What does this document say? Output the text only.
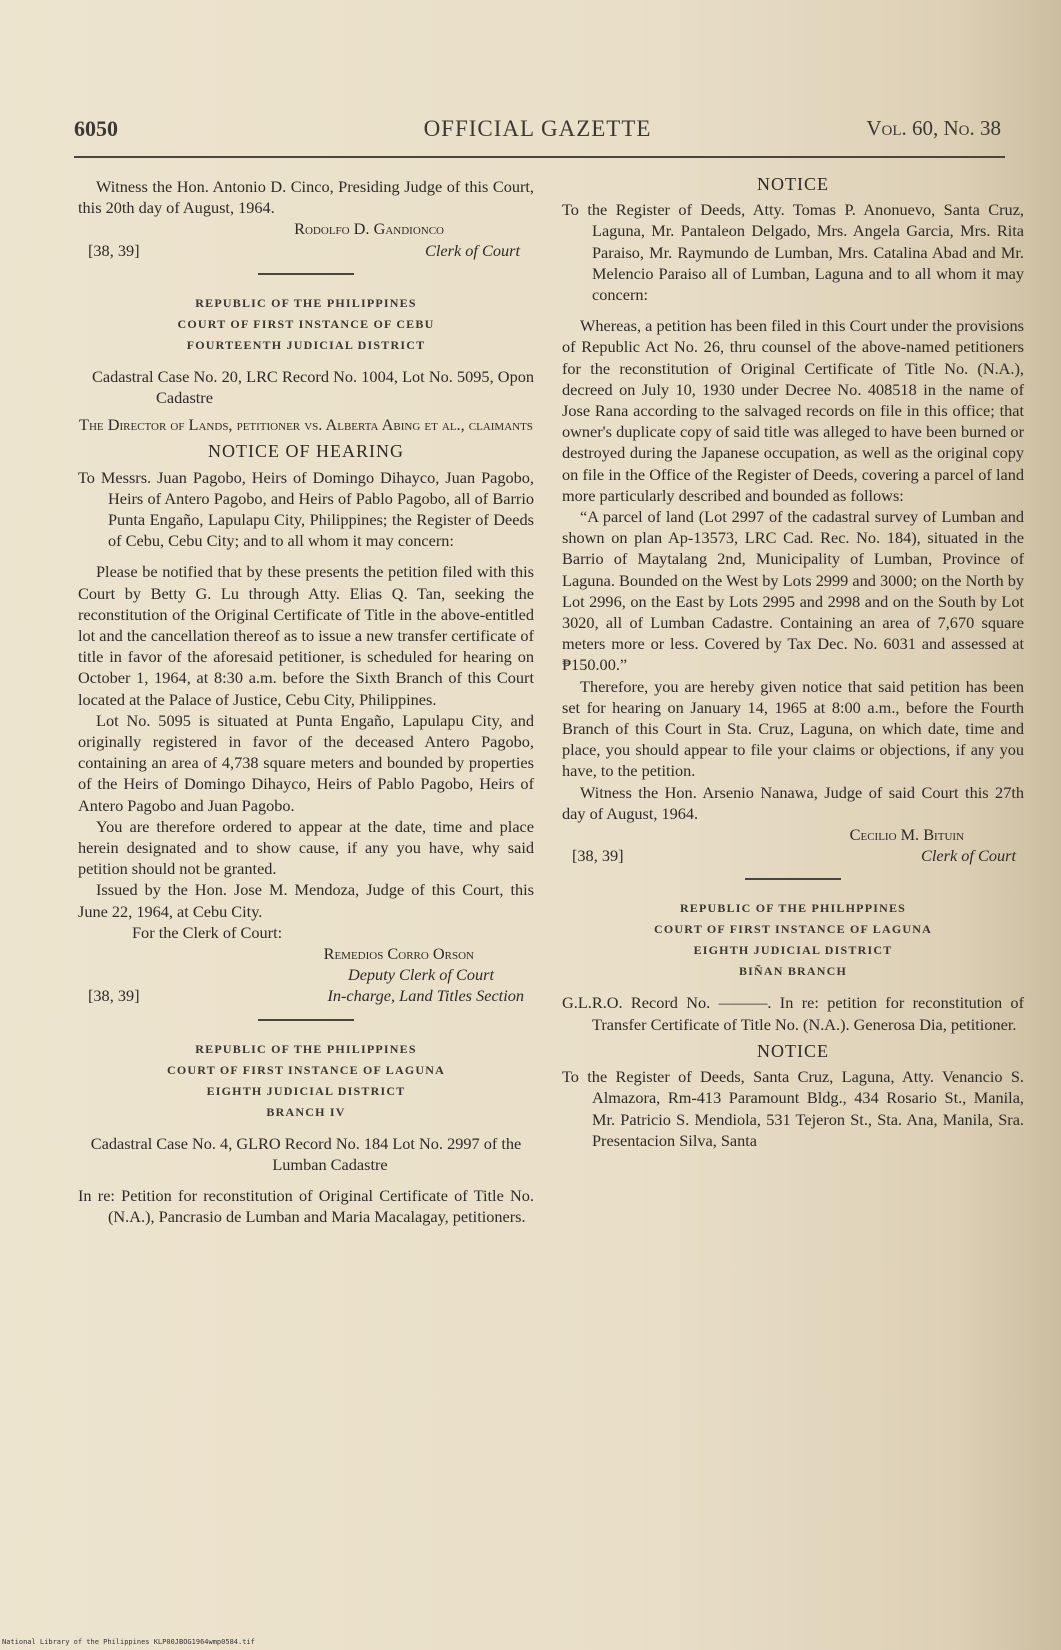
6050	OFFICIAL GAZETTE	Vol. 60, No. 38

Witness the Hon. Antonio D. Cinco, Presiding Judge of this Court, this 20th day of August, 1964.

Rodolfo D. Gandionco

[38, 39]	Clerk of Court
REPUBLIC OF THE PHILIPPINES
COURT OF FIRST INSTANCE OF CEBU
FOURTEENTH JUDICIAL DISTRICT

Cadastral Case No. 20, LRC Record No. 1004, Lot No. 5095, Opon Cadastre

The Director of Lands, petitioner vs. Alberta Abing et al., claimants

NOTICE OF HEARING

To Messrs. Juan Pagobo, Heirs of Domingo Dihayco, Juan Pagobo, Heirs of Antero Pagobo, and Heirs of Pablo Pagobo, all of Barrio Punta Engaño, Lapulapu City, Philippines; the Register of Deeds of Cebu, Cebu City; and to all whom it may concern:

Please be notified that by these presents the petition filed with this Court by Betty G. Lu through Atty. Elias Q. Tan, seeking the reconstitution of the Original Certificate of Title in the above-entitled lot and the cancellation thereof as to issue a new transfer certificate of title in favor of the aforesaid petitioner, is scheduled for hearing on October 1, 1964, at 8:30 a.m. before the Sixth Branch of this Court located at the Palace of Justice, Cebu City, Philippines.

Lot No. 5095 is situated at Punta Engaño, Lapulapu City, and originally registered in favor of the deceased Antero Pagobo, containing an area of 4,738 square meters and bounded by properties of the Heirs of Domingo Dihayco, Heirs of Pablo Pagobo, Heirs of Antero Pagobo and Juan Pagobo.

You are therefore ordered to appear at the date, time and place herein designated and to show cause, if any you have, why said petition should not be granted.

Issued by the Hon. Jose M. Mendoza, Judge of this Court, this June 22, 1964, at Cebu City.

For the Clerk of Court:

Remedios Corro Orson

Deputy Clerk of Court

[38, 39]	In-charge, Land Titles Section
REPUBLIC OF THE PHILIPPINES
COURT OF FIRST INSTANCE OF LAGUNA
EIGHTH JUDICIAL DISTRICT
BRANCH IV

Cadastral Case No. 4, GLRO Record No. 184 Lot No. 2997 of the Lumban Cadastre

In re: Petition for reconstitution of Original Certificate of Title No. (N.A.), Pancrasio de Lumban and Maria Macalagay, petitioners.

NOTICE

To the Register of Deeds, Atty. Tomas P. Anonuevo, Santa Cruz, Laguna, Mr. Pantaleon Delgado, Mrs. Angela Garcia, Mrs. Rita Paraiso, Mr. Raymundo de Lumban, Mrs. Catalina Abad and Mr. Melencio Paraiso all of Lumban, Laguna and to all whom it may concern:

Whereas, a petition has been filed in this Court under the provisions of Republic Act No. 26, thru counsel of the above-named petitioners for the reconstitution of Original Certificate of Title No. (N.A.), decreed on July 10, 1930 under Decree No. 408518 in the name of Jose Rana according to the salvaged records on file in this office; that owner's duplicate copy of said title was alleged to have been burned or destroyed during the Japanese occupation, as well as the original copy on file in the Office of the Register of Deeds, covering a parcel of land more particularly described and bounded as follows:

“A parcel of land (Lot 2997 of the cadastral survey of Lumban and shown on plan Ap-13573, LRC Cad. Rec. No. 184), situated in the Barrio of Maytalang 2nd, Municipality of Lumban, Province of Laguna. Bounded on the West by Lots 2999 and 3000; on the North by Lot 2996, on the East by Lots 2995 and 2998 and on the South by Lot 3020, all of Lumban Cadastre. Containing an area of 7,670 square meters more or less. Covered by Tax Dec. No. 6031 and assessed at ₱150.00.”

Therefore, you are hereby given notice that said petition has been set for hearing on January 14, 1965 at 8:00 a.m., before the Fourth Branch of this Court in Sta. Cruz, Laguna, on which date, time and place, you should appear to file your claims or objections, if any you have, to the petition.

Witness the Hon. Arsenio Nanawa, Judge of said Court this 27th day of August, 1964.

Cecilio M. Bituin

[38, 39]	Clerk of Court
REPUBLIC OF THE PHILHPPINES
COURT OF FIRST INSTANCE OF LAGUNA
EIGHTH JUDICIAL DISTRICT
BIÑAN BRANCH

G.L.R.O. Record No. ———. In re: petition for reconstitution of Transfer Certificate of Title No. (N.A.). Generosa Dia, petitioner.

NOTICE

To the Register of Deeds, Santa Cruz, Laguna, Atty. Venancio S. Almazora, Rm-413 Paramount Bldg., 434 Rosario St., Manila, Mr. Patricio S. Mendiola, 531 Tejeron St., Sta. Ana, Manila, Sra. Presentacion Silva, Santa

National Library of the Philippines KLP00JBOG1964wmp0584.tif
